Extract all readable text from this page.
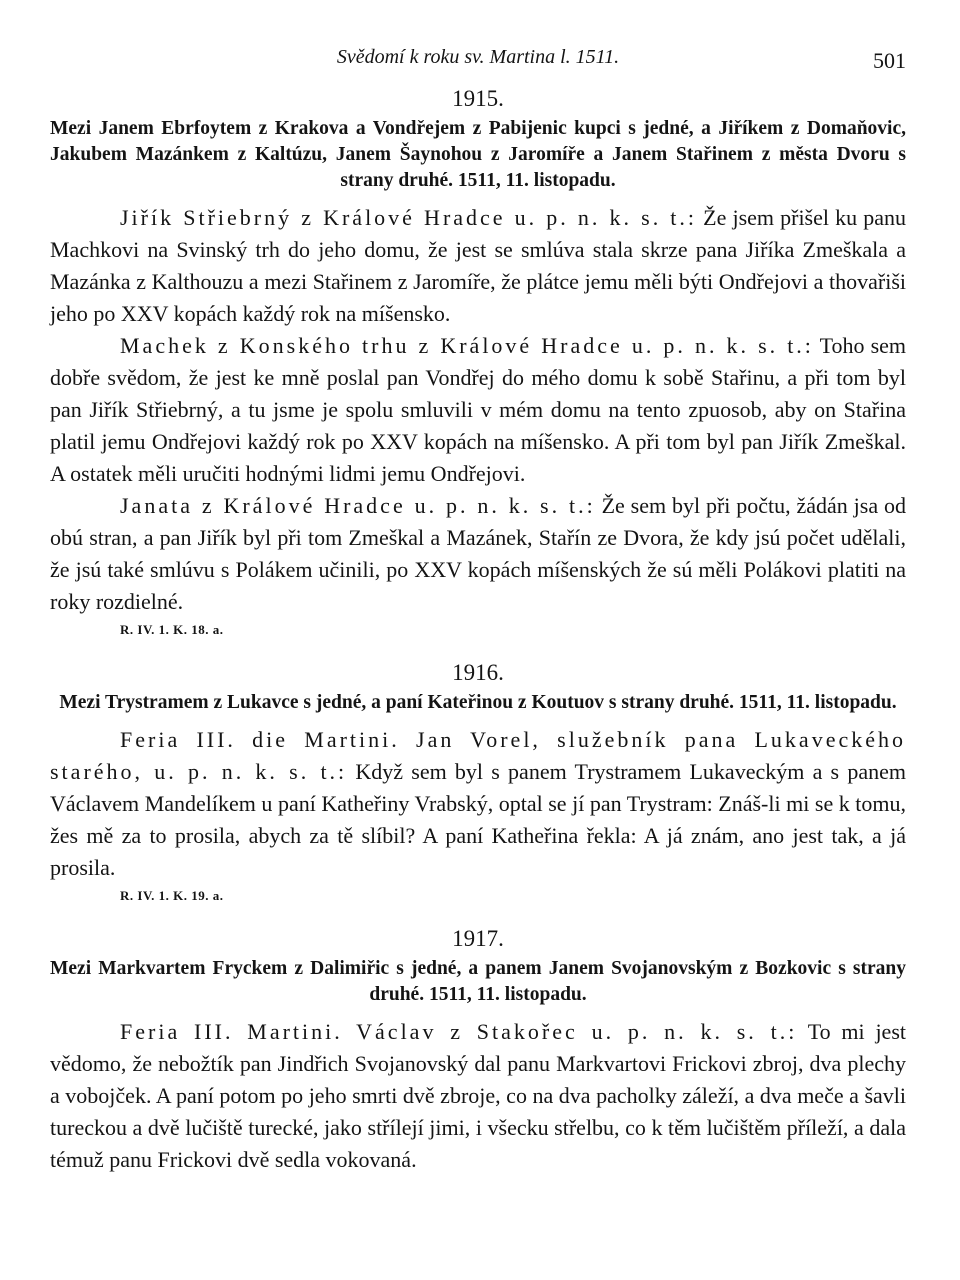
Svědomí k roku sv. Martina l. 1511.	501
1915.
Mezi Janem Ebrfoytem z Krakova a Vondřejem z Pabijenic kupci s jedné, a Jiříkem z Domaňovic, Jakubem Mazánkem z Kaltúzu, Janem Šaynohou z Jaromíře a Janem Stařinem z města Dvoru s strany druhé. 1511, 11. listopadu.

Jiřík Střiebrný z Králové Hradce u. p. n. k. s. t.: Že jsem přišel ku panu Machkovi na Svinský trh do jeho domu, že jest se smlúva stala skrze pana Jiříka Zmeškala a Mazánka z Kalthouzu a mezi Stařinem z Jaromíře, že plátce jemu měli býti Ondřejovi a thovařiši jeho po XXV kopách každý rok na míšensko.

Machek z Konského trhu z Králové Hradce u. p. n. k. s. t.: Toho sem dobře svědom, že jest ke mně poslal pan Vondřej do mého domu k sobě Stařinu, a při tom byl pan Jiřík Střiebrný, a tu jsme je spolu smluvili v mém domu na tento zpuosob, aby on Stařina platil jemu Ondřejovi každý rok po XXV kopách na míšensko. A při tom byl pan Jiřík Zmeškal. A ostatek měli uručiti hodnými lidmi jemu Ondřejovi.

Janata z Králové Hradce u. p. n. k. s. t.: Že sem byl při počtu, žádán jsa od obú stran, a pan Jiřík byl při tom Zmeškal a Mazánek, Stařín ze Dvora, že kdy jsú počet udělali, že jsú také smlúvu s Polákem učinili, po XXV kopách míšenských že sú měli Polákovi platiti na roky rozdielné.

R. IV. 1. K. 18. a.
1916.
Mezi Trystramem z Lukavce s jedné, a paní Kateřinou z Koutuov s strany druhé. 1511, 11. listopadu.

Feria III. die Martini. Jan Vorel, služebník pana Lukaveckého starého, u. p. n. k. s. t.: Když sem byl s panem Trystramem Lukaveckým a s panem Václavem Mandelíkem u paní Katheřiny Vrabský, optal se jí pan Trystram: Znáš-li mi se k tomu, žes mě za to prosila, abych za tě slíbil? A paní Katheřina řekla: A já znám, ano jest tak, a já prosila.

R. IV. 1. K. 19. a.
1917.
Mezi Markvartem Fryckem z Dalimiřic s jedné, a panem Janem Svojanovským z Bozkovic s strany druhé. 1511, 11. listopadu.

Feria III. Martini. Václav z Stakořec u. p. n. k. s. t.: To mi jest vědomo, že nebožtík pan Jindřich Svojanovský dal panu Markvartovi Frickovi zbroj, dva plechy a vobojček. A paní potom po jeho smrti dvě zbroje, co na dva pacholky záleží, a dva meče a šavli tureckou a dvě lučiště turecké, jako střílejí jimi, i všecku střelbu, co k těm lučištěm příleží, a dala témuž panu Frickovi dvě sedla vokovaná.
